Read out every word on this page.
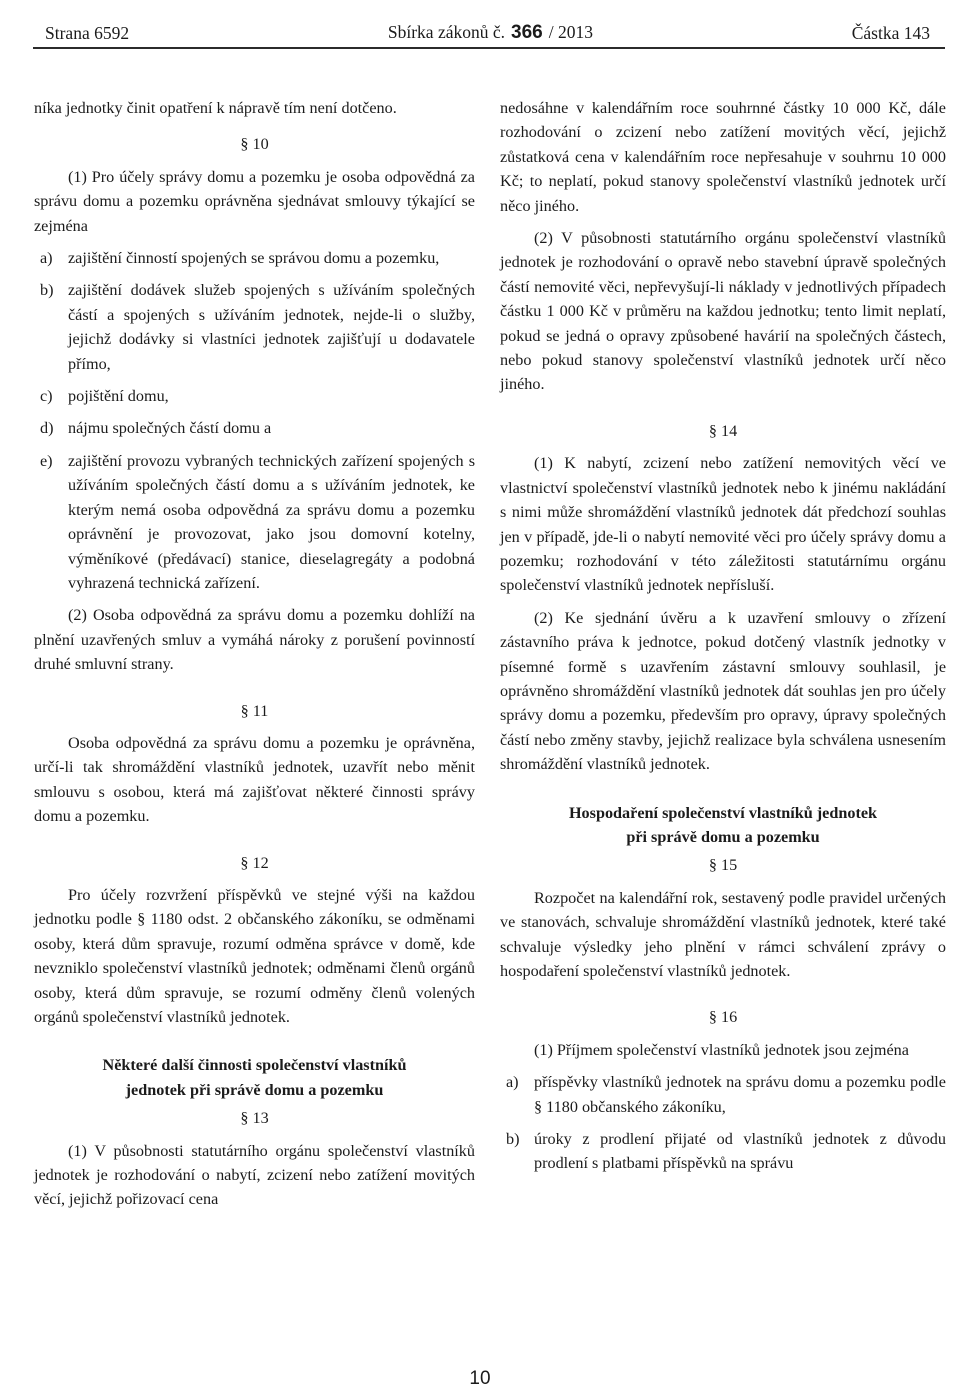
Strana 6592	Sbírka zákonů č. 366 / 2013	Částka 143

níka jednotky činit opatření k nápravě tím není dotčeno.

§ 10

(1) Pro účely správy domu a pozemku je osoba odpovědná za správu domu a pozemku oprávněna sjednávat smlouvy týkající se zejména

a) zajištění činností spojených se správou domu a pozemku,
b) zajištění dodávek služeb spojených s užíváním společných částí a spojených s užíváním jednotek, nejde-li o služby, jejichž dodávky si vlastníci jednotek zajišťují u dodavatele přímo,
c) pojištění domu,
d) nájmu společných částí domu a
e) zajištění provozu vybraných technických zařízení spojených s užíváním společných částí domu a s užíváním jednotek, ke kterým nemá osoba odpovědná za správu domu a pozemku oprávnění je provozovat, jako jsou domovní kotelny, výměníkové (předávací) stanice, dieselagregáty a podobná vyhrazená technická zařízení.

(2) Osoba odpovědná za správu domu a pozemku dohlíží na plnění uzavřených smluv a vymáhá nároky z porušení povinností druhé smluvní strany.

§ 11

Osoba odpovědná za správu domu a pozemku je oprávněna, určí-li tak shromáždění vlastníků jednotek, uzavřít nebo měnit smlouvu s osobou, která má zajišťovat některé činnosti správy domu a pozemku.

§ 12

Pro účely rozvržení příspěvků ve stejné výši na každou jednotku podle § 1180 odst. 2 občanského zákoníku, se odměnami osoby, která dům spravuje, rozumí odměna správce v domě, kde nevzniklo společenství vlastníků jednotek; odměnami členů orgánů osoby, která dům spravuje, se rozumí odměny členů volených orgánů společenství vlastníků jednotek.

Některé další činnosti společenství vlastníků
jednotek při správě domu a pozemku
§ 13

(1) V působnosti statutárního orgánu společenství vlastníků jednotek je rozhodování o nabytí, zcizení nebo zatížení movitých věcí, jejichž pořizovací cena

nedosáhne v kalendářním roce souhrnné částky 10 000 Kč, dále rozhodování o zcizení nebo zatížení movitých věcí, jejichž zůstatková cena v kalendářním roce nepřesahuje v souhrnu 10 000 Kč; to neplatí, pokud stanovy společenství vlastníků jednotek určí něco jiného.

(2) V působnosti statutárního orgánu společenství vlastníků jednotek je rozhodování o opravě nebo stavební úpravě společných částí nemovité věci, nepřevyšují-li náklady v jednotlivých případech částku 1 000 Kč v průměru na každou jednotku; tento limit neplatí, pokud se jedná o opravy způsobené havárií na společných částech, nebo pokud stanovy společenství vlastníků jednotek určí něco jiného.

§ 14

(1) K nabytí, zcizení nebo zatížení nemovitých věcí ve vlastnictví společenství vlastníků jednotek nebo k jinému nakládání s nimi může shromáždění vlastníků jednotek dát předchozí souhlas jen v případě, jde-li o nabytí nemovité věci pro účely správy domu a pozemku; rozhodování v této záležitosti statutárnímu orgánu společenství vlastníků jednotek nepřísluší.

(2) Ke sjednání úvěru a k uzavření smlouvy o zřízení zástavního práva k jednotce, pokud dotčený vlastník jednotky v písemné formě s uzavřením zástavní smlouvy souhlasil, je oprávněno shromáždění vlastníků jednotek dát souhlas jen pro účely správy domu a pozemku, především pro opravy, úpravy společných částí nebo změny stavby, jejichž realizace byla schválena usnesením shromáždění vlastníků jednotek.

Hospodaření společenství vlastníků jednotek
při správě domu a pozemku
§ 15

Rozpočet na kalendářní rok, sestavený podle pravidel určených ve stanovách, schvaluje shromáždění vlastníků jednotek, které také schvaluje výsledky jeho plnění v rámci schválení zprávy o hospodaření společenství vlastníků jednotek.

§ 16

(1) Příjmem společenství vlastníků jednotek jsou zejména

a) příspěvky vlastníků jednotek na správu domu a pozemku podle § 1180 občanského zákoníku,
b) úroky z prodlení přijaté od vlastníků jednotek z důvodu prodlení s platbami příspěvků na správu
10
